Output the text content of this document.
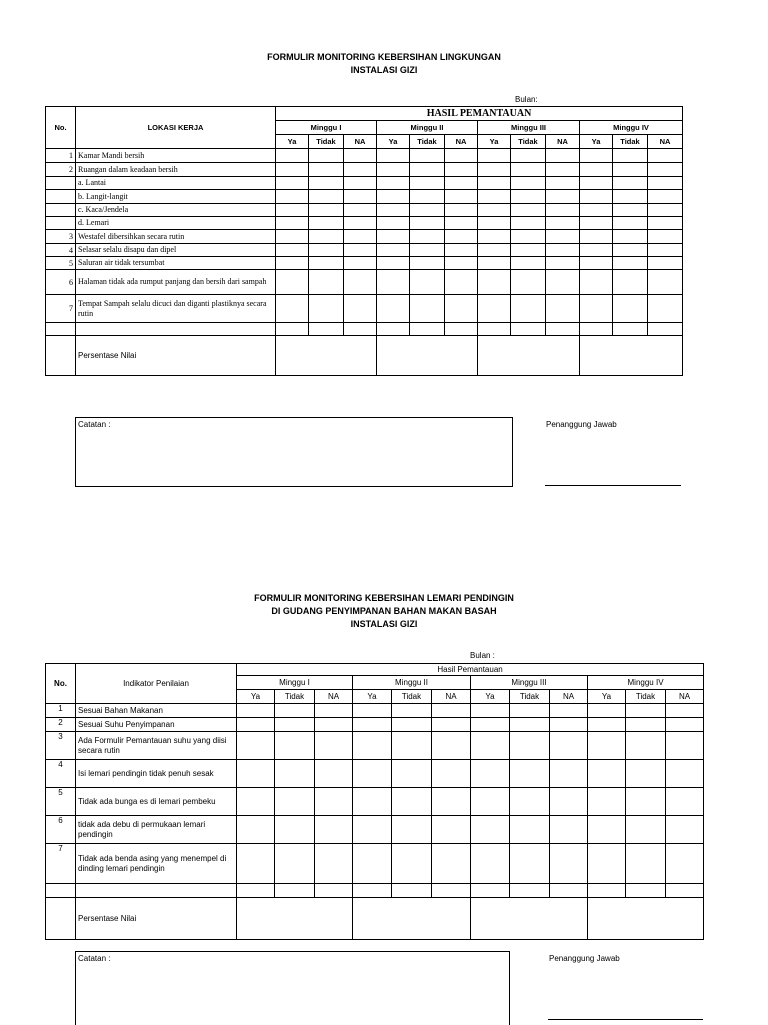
FORMULIR MONITORING KEBERSIHAN LINGKUNGAN
INSTALASI GIZI
Bulan:
No.	LOKASI KERJA	HASIL PEMANTAUAN											
		Minggu I			Minggu II			Minggu III			Minggu IV		
		Ya	Tidak	NA	Ya	Tidak	NA	Ya	Tidak	NA	Ya	Tidak	NA
1	Kamar Mandi bersih												
2	Ruangan dalam keadaan bersih												
	a. Lantai												
	b. Langit-langit												
	c. Kaca/Jendela												
	d. Lemari												
3	Westafel dibersihkan secara rutin												
4	Selasar selalu disapu dan dipel												
5	Saluran air tidak tersumbat												
6	Halaman tidak ada rumput panjang dan bersih dari sampah												
7	Tempat Sampah selalu dicuci dan diganti plastiknya secara rutin												

	Persentase Nilai												
Catatan :	Penanggung Jawab
FORMULIR MONITORING KEBERSIHAN LEMARI PENDINGIN
DI GUDANG PENYIMPANAN BAHAN MAKAN BASAH
INSTALASI GIZI
Bulan :
No.	Indikator Penilaian	Hasil Pemantauan											
		Minggu I			Minggu II			Minggu III			Minggu IV		
		Ya	Tidak	NA	Ya	Tidak	NA	Ya	Tidak	NA	Ya	Tidak	NA
1	Sesuai Bahan Makanan												
2	Sesuai Suhu Penyimpanan												
3	Ada Formulir Pemantauan suhu yang diisi secara rutin												
4	Isi lemari pendingin tidak penuh sesak												
5	Tidak ada bunga es di lemari pembeku												
6	tidak ada debu di permukaan lemari pendingin												
7	Tidak ada benda asing yang menempel di dinding lemari pendingin												

	Persentase Nilai												
Catatan :	Penanggung Jawab
